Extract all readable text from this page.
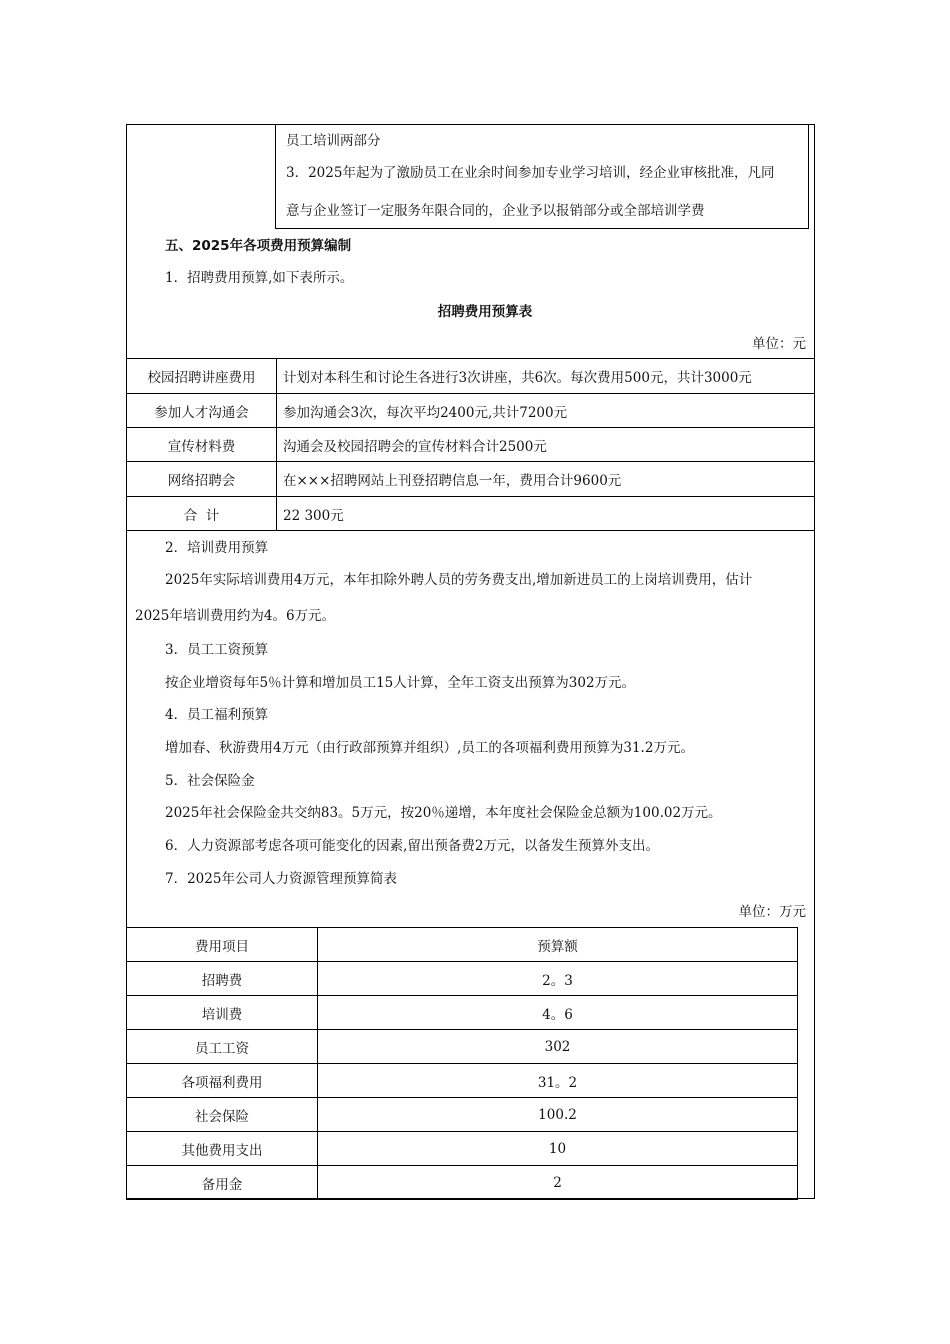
员工培训两部分
3．2025年起为了激励员工在业余时间参加专业学习培训，经企业审核批准，凡同
意与企业签订一定服务年限合同的，企业予以报销部分或全部培训学费
五、2025年各项费用预算编制
1．招聘费用预算,如下表所示。
招聘费用预算表
单位：元
校园招聘讲座费用	计划对本科生和讨论生各进行3次讲座，共6次。每次费用500元，共计3000元
参加人才沟通会	参加沟通会3次，每次平均2400元,共计7200元
宣传材料费	沟通会及校园招聘会的宣传材料合计2500元
网络招聘会	在×××招聘网站上刊登招聘信息一年，费用合计9600元
合  计	22 300元
2．培训费用预算
2025年实际培训费用4万元，本年扣除外聘人员的劳务费支出,增加新进员工的上岗培训费用，估计
2025年培训费用约为4。6万元。
3．员工工资预算
按企业增资每年5％计算和增加员工15人计算，全年工资支出预算为302万元。
4．员工福利预算
增加春、秋游费用4万元（由行政部预算并组织）,员工的各项福利费用预算为31.2万元。
5．社会保险金
2025年社会保险金共交纳83。5万元，按20％递增，本年度社会保险金总额为100.02万元。
6．人力资源部考虑各项可能变化的因素,留出预备费2万元，以备发生预算外支出。
7．2025年公司人力资源管理预算简表
单位：万元
费用项目	预算额
招聘费	2。3
培训费	4。6
员工工资	302
各项福利费用	31。2
社会保险	100.2
其他费用支出	10
备用金	2
